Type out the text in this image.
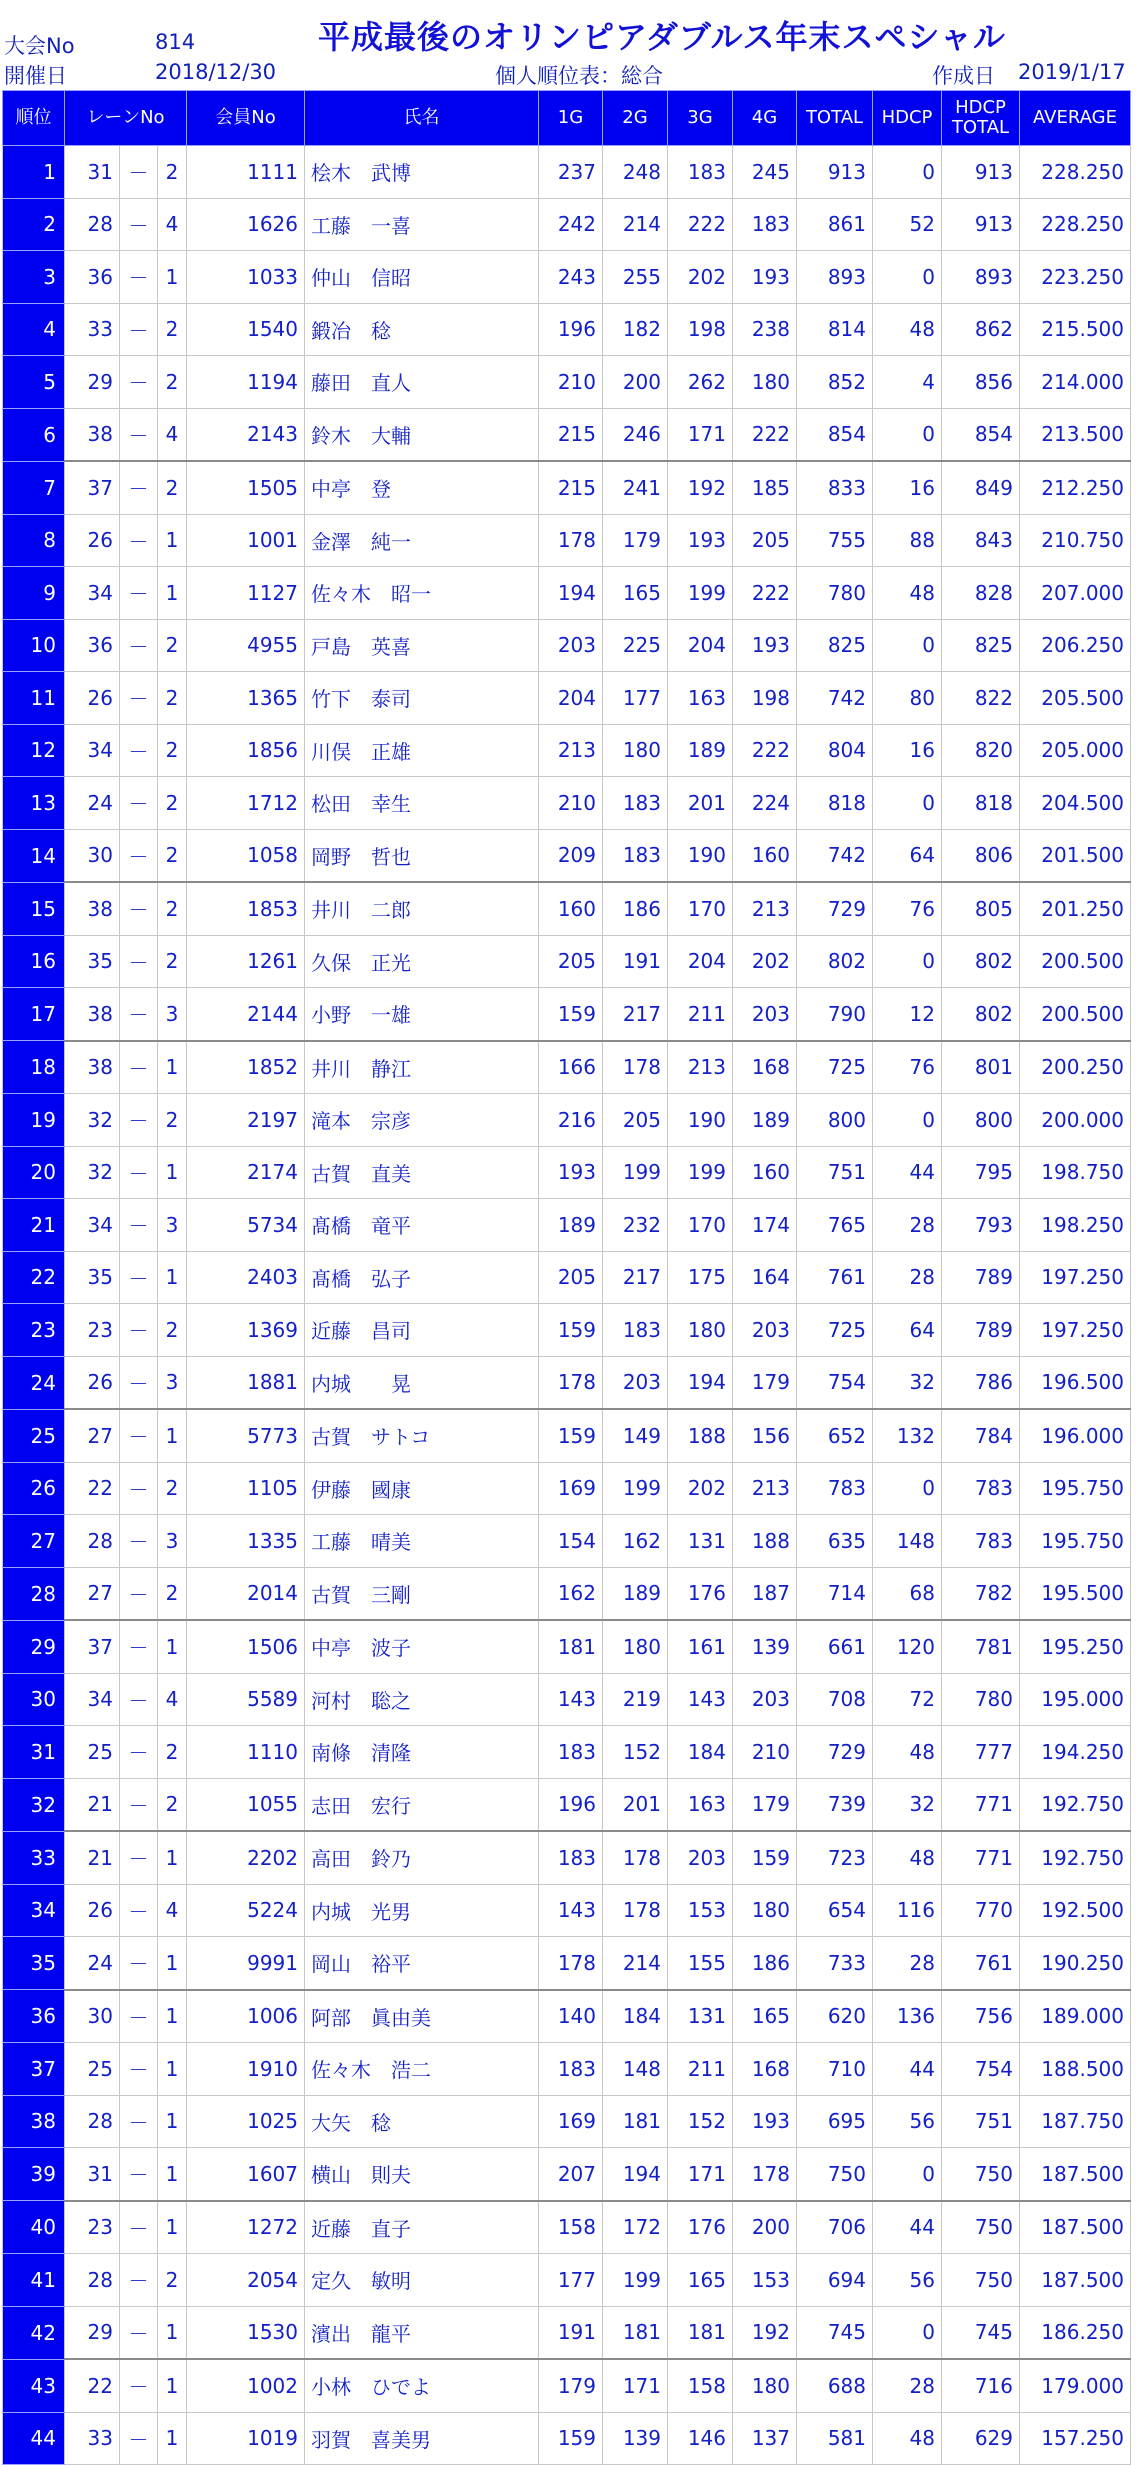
大会No	814	平成最後のオリンピアダブルス年末スペシャル
開催日	2018/12/30	個人順位表：総合	作成日 2019/1/17
順位	レーンNo			会員No	氏名	1G	2G	3G	4G	TOTAL	HDCP	HDCP TOTAL	AVERAGE
1	31	－	2	1111	桧木　武博	237	248	183	245	913	0	913	228.250
2	28	－	4	1626	工藤　一喜	242	214	222	183	861	52	913	228.250
3	36	－	1	1033	仲山　信昭	243	255	202	193	893	0	893	223.250
4	33	－	2	1540	鍛冶　稔	196	182	198	238	814	48	862	215.500
5	29	－	2	1194	藤田　直人	210	200	262	180	852	4	856	214.000
6	38	－	4	2143	鈴木　大輔	215	246	171	222	854	0	854	213.500
7	37	－	2	1505	中亭　登	215	241	192	185	833	16	849	212.250
8	26	－	1	1001	金澤　純一	178	179	193	205	755	88	843	210.750
9	34	－	1	1127	佐々木　昭一	194	165	199	222	780	48	828	207.000
10	36	－	2	4955	戸島　英喜	203	225	204	193	825	0	825	206.250
11	26	－	2	1365	竹下　泰司	204	177	163	198	742	80	822	205.500
12	34	－	2	1856	川俣　正雄	213	180	189	222	804	16	820	205.000
13	24	－	2	1712	松田　幸生	210	183	201	224	818	0	818	204.500
14	30	－	2	1058	岡野　哲也	209	183	190	160	742	64	806	201.500
15	38	－	2	1853	井川　二郎	160	186	170	213	729	76	805	201.250
16	35	－	2	1261	久保　正光	205	191	204	202	802	0	802	200.500
17	38	－	3	2144	小野　一雄	159	217	211	203	790	12	802	200.500
18	38	－	1	1852	井川　静江	166	178	213	168	725	76	801	200.250
19	32	－	2	2197	滝本　宗彦	216	205	190	189	800	0	800	200.000
20	32	－	1	2174	古賀　直美	193	199	199	160	751	44	795	198.750
21	34	－	3	5734	髙橋　竜平	189	232	170	174	765	28	793	198.250
22	35	－	1	2403	髙橋　弘子	205	217	175	164	761	28	789	197.250
23	23	－	2	1369	近藤　昌司	159	183	180	203	725	64	789	197.250
24	26	－	3	1881	内城　　晃	178	203	194	179	754	32	786	196.500
25	27	－	1	5773	古賀　サトコ	159	149	188	156	652	132	784	196.000
26	22	－	2	1105	伊藤　國康	169	199	202	213	783	0	783	195.750
27	28	－	3	1335	工藤　晴美	154	162	131	188	635	148	783	195.750
28	27	－	2	2014	古賀　三剛	162	189	176	187	714	68	782	195.500
29	37	－	1	1506	中亭　波子	181	180	161	139	661	120	781	195.250
30	34	－	4	5589	河村　聡之	143	219	143	203	708	72	780	195.000
31	25	－	2	1110	南條　清隆	183	152	184	210	729	48	777	194.250
32	21	－	2	1055	志田　宏行	196	201	163	179	739	32	771	192.750
33	21	－	1	2202	高田　鈴乃	183	178	203	159	723	48	771	192.750
34	26	－	4	5224	内城　光男	143	178	153	180	654	116	770	192.500
35	24	－	1	9991	岡山　裕平	178	214	155	186	733	28	761	190.250
36	30	－	1	1006	阿部　眞由美	140	184	131	165	620	136	756	189.000
37	25	－	1	1910	佐々木　浩二	183	148	211	168	710	44	754	188.500
38	28	－	1	1025	大矢　稔	169	181	152	193	695	56	751	187.750
39	31	－	1	1607	横山　則夫	207	194	171	178	750	0	750	187.500
40	23	－	1	1272	近藤　直子	158	172	176	200	706	44	750	187.500
41	28	－	2	2054	定久　敏明	177	199	165	153	694	56	750	187.500
42	29	－	1	1530	濱出　龍平	191	181	181	192	745	0	745	186.250
43	22	－	1	1002	小林　ひでよ	179	171	158	180	688	28	716	179.000
44	33	－	1	1019	羽賀　喜美男	159	139	146	137	581	48	629	157.250
